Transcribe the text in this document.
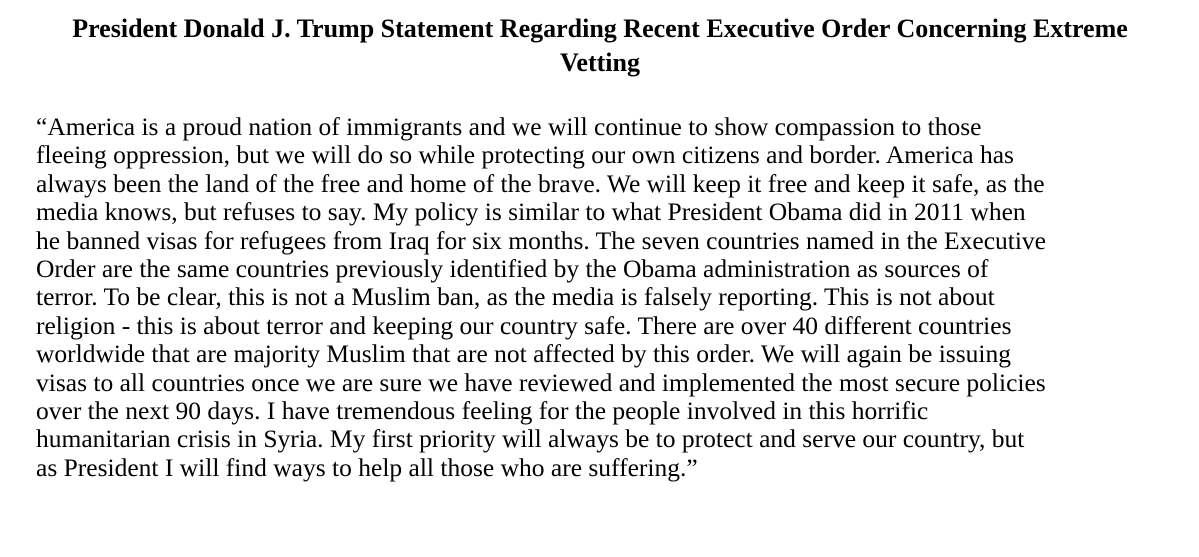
President Donald J. Trump Statement Regarding Recent Executive Order Concerning Extreme
Vetting
“America is a proud nation of immigrants and we will continue to show compassion to those
fleeing oppression, but we will do so while protecting our own citizens and border. America has
always been the land of the free and home of the brave. We will keep it free and keep it safe, as the
media knows, but refuses to say. My policy is similar to what President Obama did in 2011 when
he banned visas for refugees from Iraq for six months. The seven countries named in the Executive
Order are the same countries previously identified by the Obama administration as sources of
terror. To be clear, this is not a Muslim ban, as the media is falsely reporting. This is not about
religion - this is about terror and keeping our country safe. There are over 40 different countries
worldwide that are majority Muslim that are not affected by this order. We will again be issuing
visas to all countries once we are sure we have reviewed and implemented the most secure policies
over the next 90 days. I have tremendous feeling for the people involved in this horrific
humanitarian crisis in Syria. My first priority will always be to protect and serve our country, but
as President I will find ways to help all those who are suffering.”
